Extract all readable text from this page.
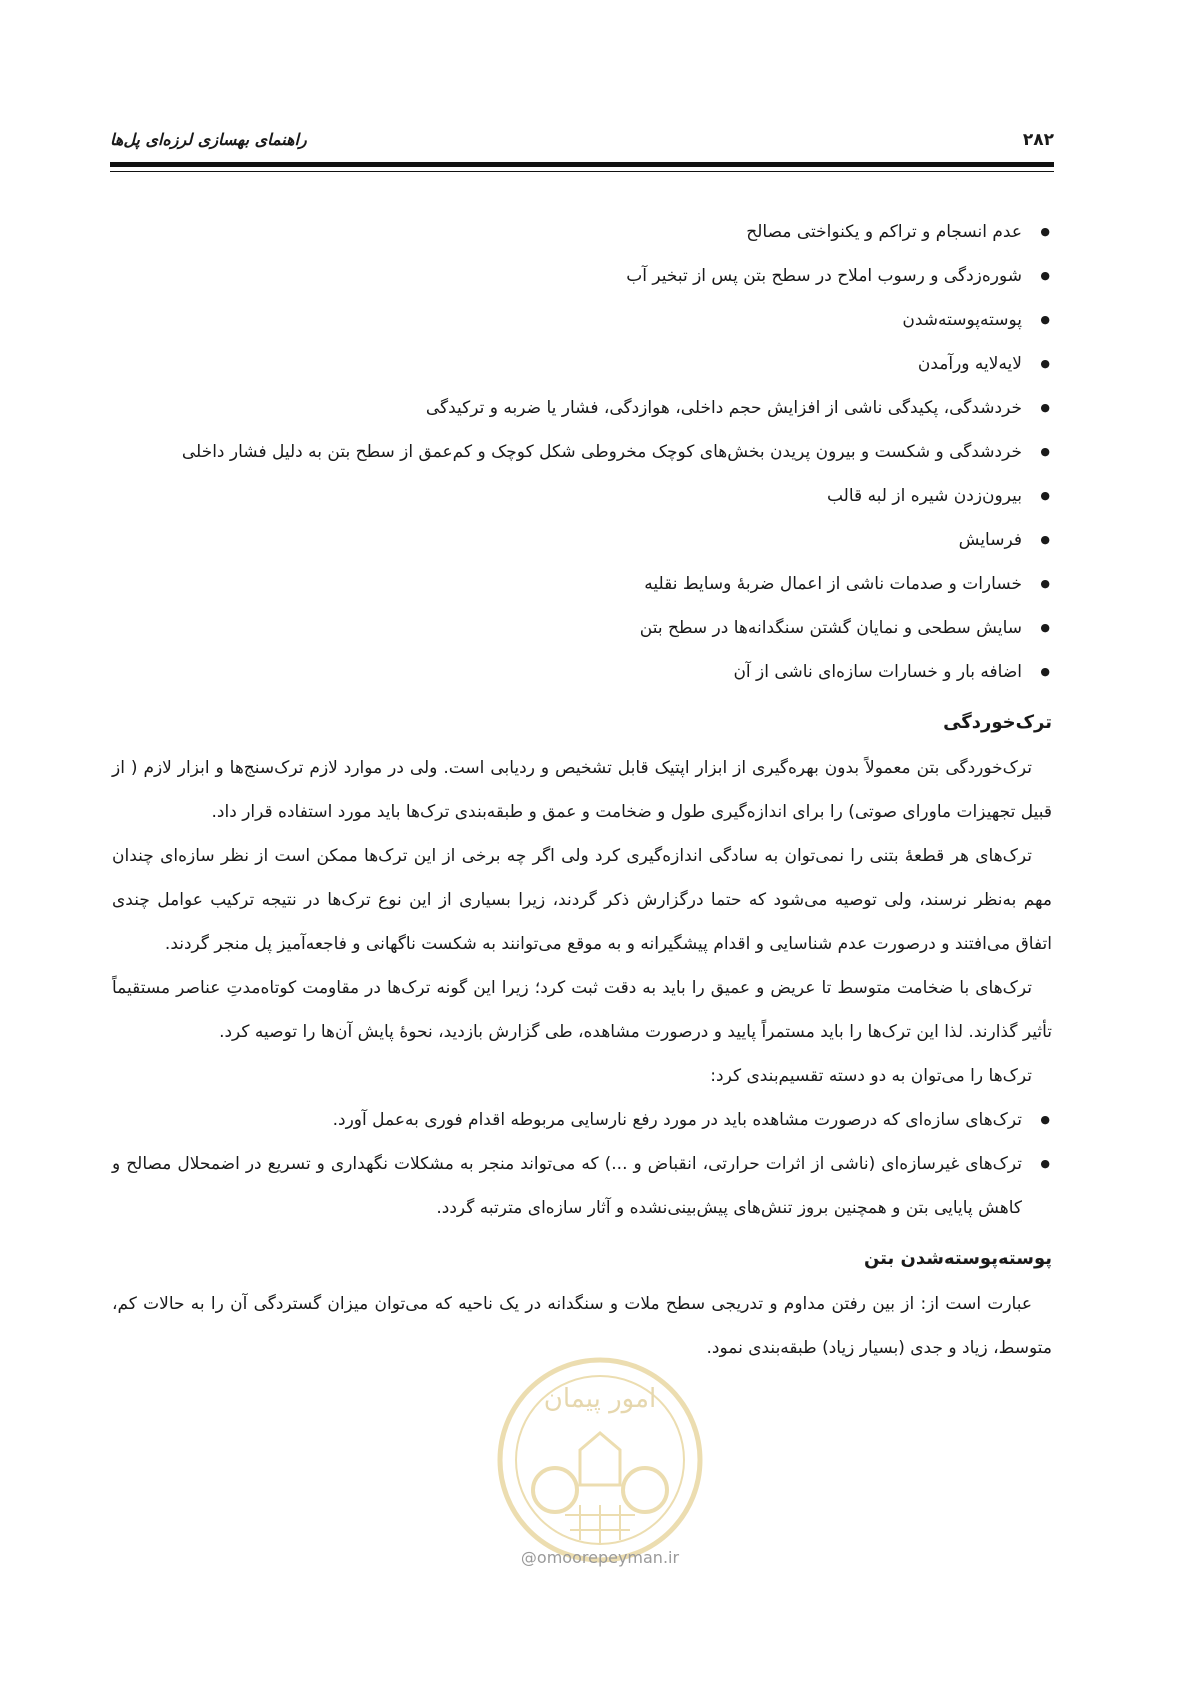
۲۸۲
راهنمای بهسازی لرزه‌ای پل‌ها
● عدم انسجام و تراکم و یکنواختی مصالح
● شوره‌زدگی و رسوب املاح در سطح بتن پس از تبخیر آب
● پوسته‌پوسته‌شدن
● لایه‌لایه ورآمدن
● خردشدگی، پکیدگی ناشی از افزایش حجم داخلی، هوازدگی، فشار یا ضربه و ترکیدگی
● خردشدگی و شکست و بیرون پریدن بخش‌های کوچک مخروطی شکل کوچک و کم‌عمق از سطح بتن به دلیل فشار داخلی
● بیرون‌زدن شیره از لبه قالب
● فرسایش
● خسارات و صدمات ناشی از اعمال ضربهٔ وسایط نقلیه
● سایش سطحی و نمایان گشتن سنگدانه‌ها در سطح بتن
● اضافه بار و خسارات سازه‌ای ناشی از آن
ترک‌خوردگی

ترک‌خوردگی بتن معمولاً بدون بهره‌گیری از ابزار اپتیک قابل تشخیص و ردیابی است. ولی در موارد لازم ترک‌سنج‌ها و ابزار لازم ( از قبیل تجهیزات ماورای صوتی) را برای اندازه‌گیری طول و ضخامت و عمق و طبقه‌بندی ترک‌ها باید مورد استفاده قرار داد.

ترک‌های هر قطعهٔ بتنی را نمی‌توان به سادگی اندازه‌گیری کرد ولی اگر چه برخی از این ترک‌ها ممکن است از نظر سازه‌ای چندان مهم به‌نظر نرسند، ولی توصیه می‌شود که حتما درگزارش ذکر گردند، زیرا بسیاری از این نوع ترک‌ها در نتیجه ترکیب عوامل چندی اتفاق می‌افتند و درصورت عدم شناسایی و اقدام پیشگیرانه و به موقع می‌توانند به شکست ناگهانی و فاجعه‌آمیز پل منجر گردند.

ترک‌های با ضخامت متوسط تا عریض و عمیق را باید به دقت ثبت کرد؛ زیرا این گونه ترک‌ها در مقاومت کوتاه‌مدتِ عناصر مستقیماً تأثیر گذارند. لذا این ترک‌ها را باید مستمراً پایید و درصورت مشاهده، طی گزارش بازدید، نحوهٔ پایش آن‌ها را توصیه کرد.

ترک‌ها را می‌توان به دو دسته تقسیم‌بندی کرد:

● ترک‌های سازه‌ای که درصورت مشاهده باید در مورد رفع نارسایی مربوطه اقدام فوری به‌عمل آورد.
● ترک‌های غیرسازه‌ای (ناشی از اثرات حرارتی، انقباض و ...) که می‌تواند منجر به مشکلات نگهداری و تسریع در اضمحلال مصالح و کاهش پایایی بتن و همچنین بروز تنش‌های پیش‌بینی‌نشده و آثار سازه‌ای مترتبه گردد.
پوسته‌پوسته‌شدن بتن

عبارت است از: از بین رفتن مداوم و تدریجی سطح ملات و سنگدانه در یک ناحیه که می‌توان میزان گستردگی آن را به حالات کم، متوسط، زیاد و جدی (بسیار زیاد) طبقه‌بندی نمود.

امور پیمان
@omoorepeyman.ir
